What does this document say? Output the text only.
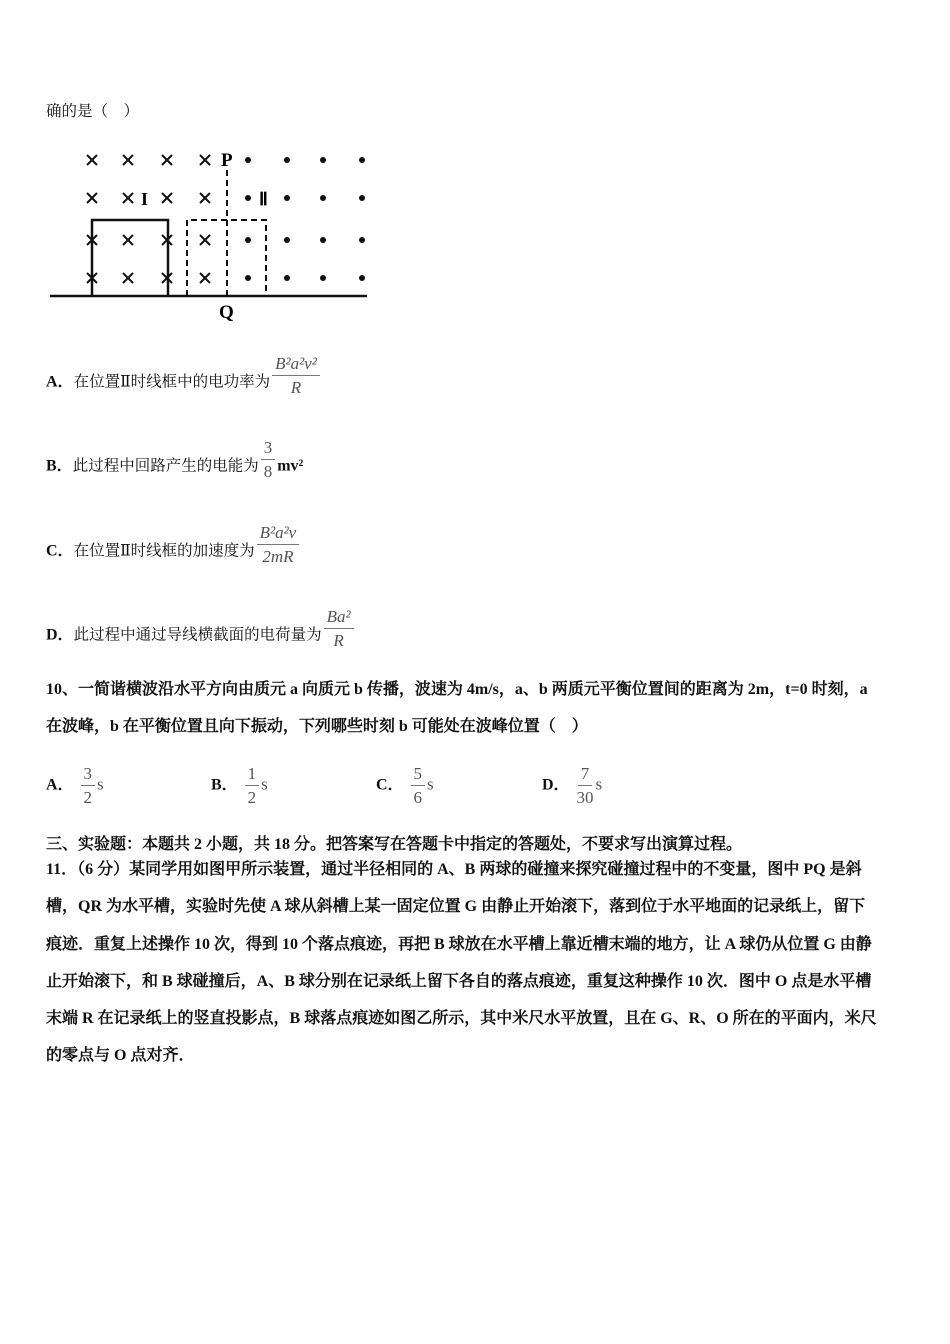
确的是（　）
P
Q
I	Ⅱ
A．在位置Ⅱ时线框中的电功率为 $\frac{\text{B²a²v²}}{R}$
B．此过程中回路产生的电能为 $\frac{3}{8} mv^2$
C．在位置Ⅱ时线框的加速度为 $\frac{\text{B²a²v}}{2mR}$
D．此过程中通过导线横截面的电荷量为 $\frac{\text{Ba²}}{R}$
10、一简谐横波沿水平方向由质元 a 向质元 b 传播，波速为 4m/s，a、b 两质元平衡位置间的距离为 2m，t=0 时刻，a
在波峰，b 在平衡位置且向下振动，下列哪些时刻 b 可能处在波峰位置（　）
A． $\frac{3}{2}$ s	B． $\frac{1}{2}$ s	C． $\frac{5}{6}$ s	D． $\frac{7}{30}$ s
三、实验题：本题共 2 小题，共 18 分。把答案写在答题卡中指定的答题处，不要求写出演算过程。
11．（6 分）某同学用如图甲所示装置，通过半径相同的 A、B 两球的碰撞来探究碰撞过程中的不变量，图中 PQ 是斜
槽，QR 为水平槽，实验时先使 A 球从斜槽上某一固定位置 G 由静止开始滚下，落到位于水平地面的记录纸上，留下
痕迹．重复上述操作 10 次，得到 10 个落点痕迹，再把 B 球放在水平槽上靠近槽末端的地方，让 A 球仍从位置 G 由静
止开始滚下，和 B 球碰撞后，A、B 球分别在记录纸上留下各自的落点痕迹，重复这种操作 10 次．图中 O 点是水平槽
末端 R 在记录纸上的竖直投影点，B 球落点痕迹如图乙所示，其中米尺水平放置，且在 G、R、O 所在的平面内，米尺
的零点与 O 点对齐．
